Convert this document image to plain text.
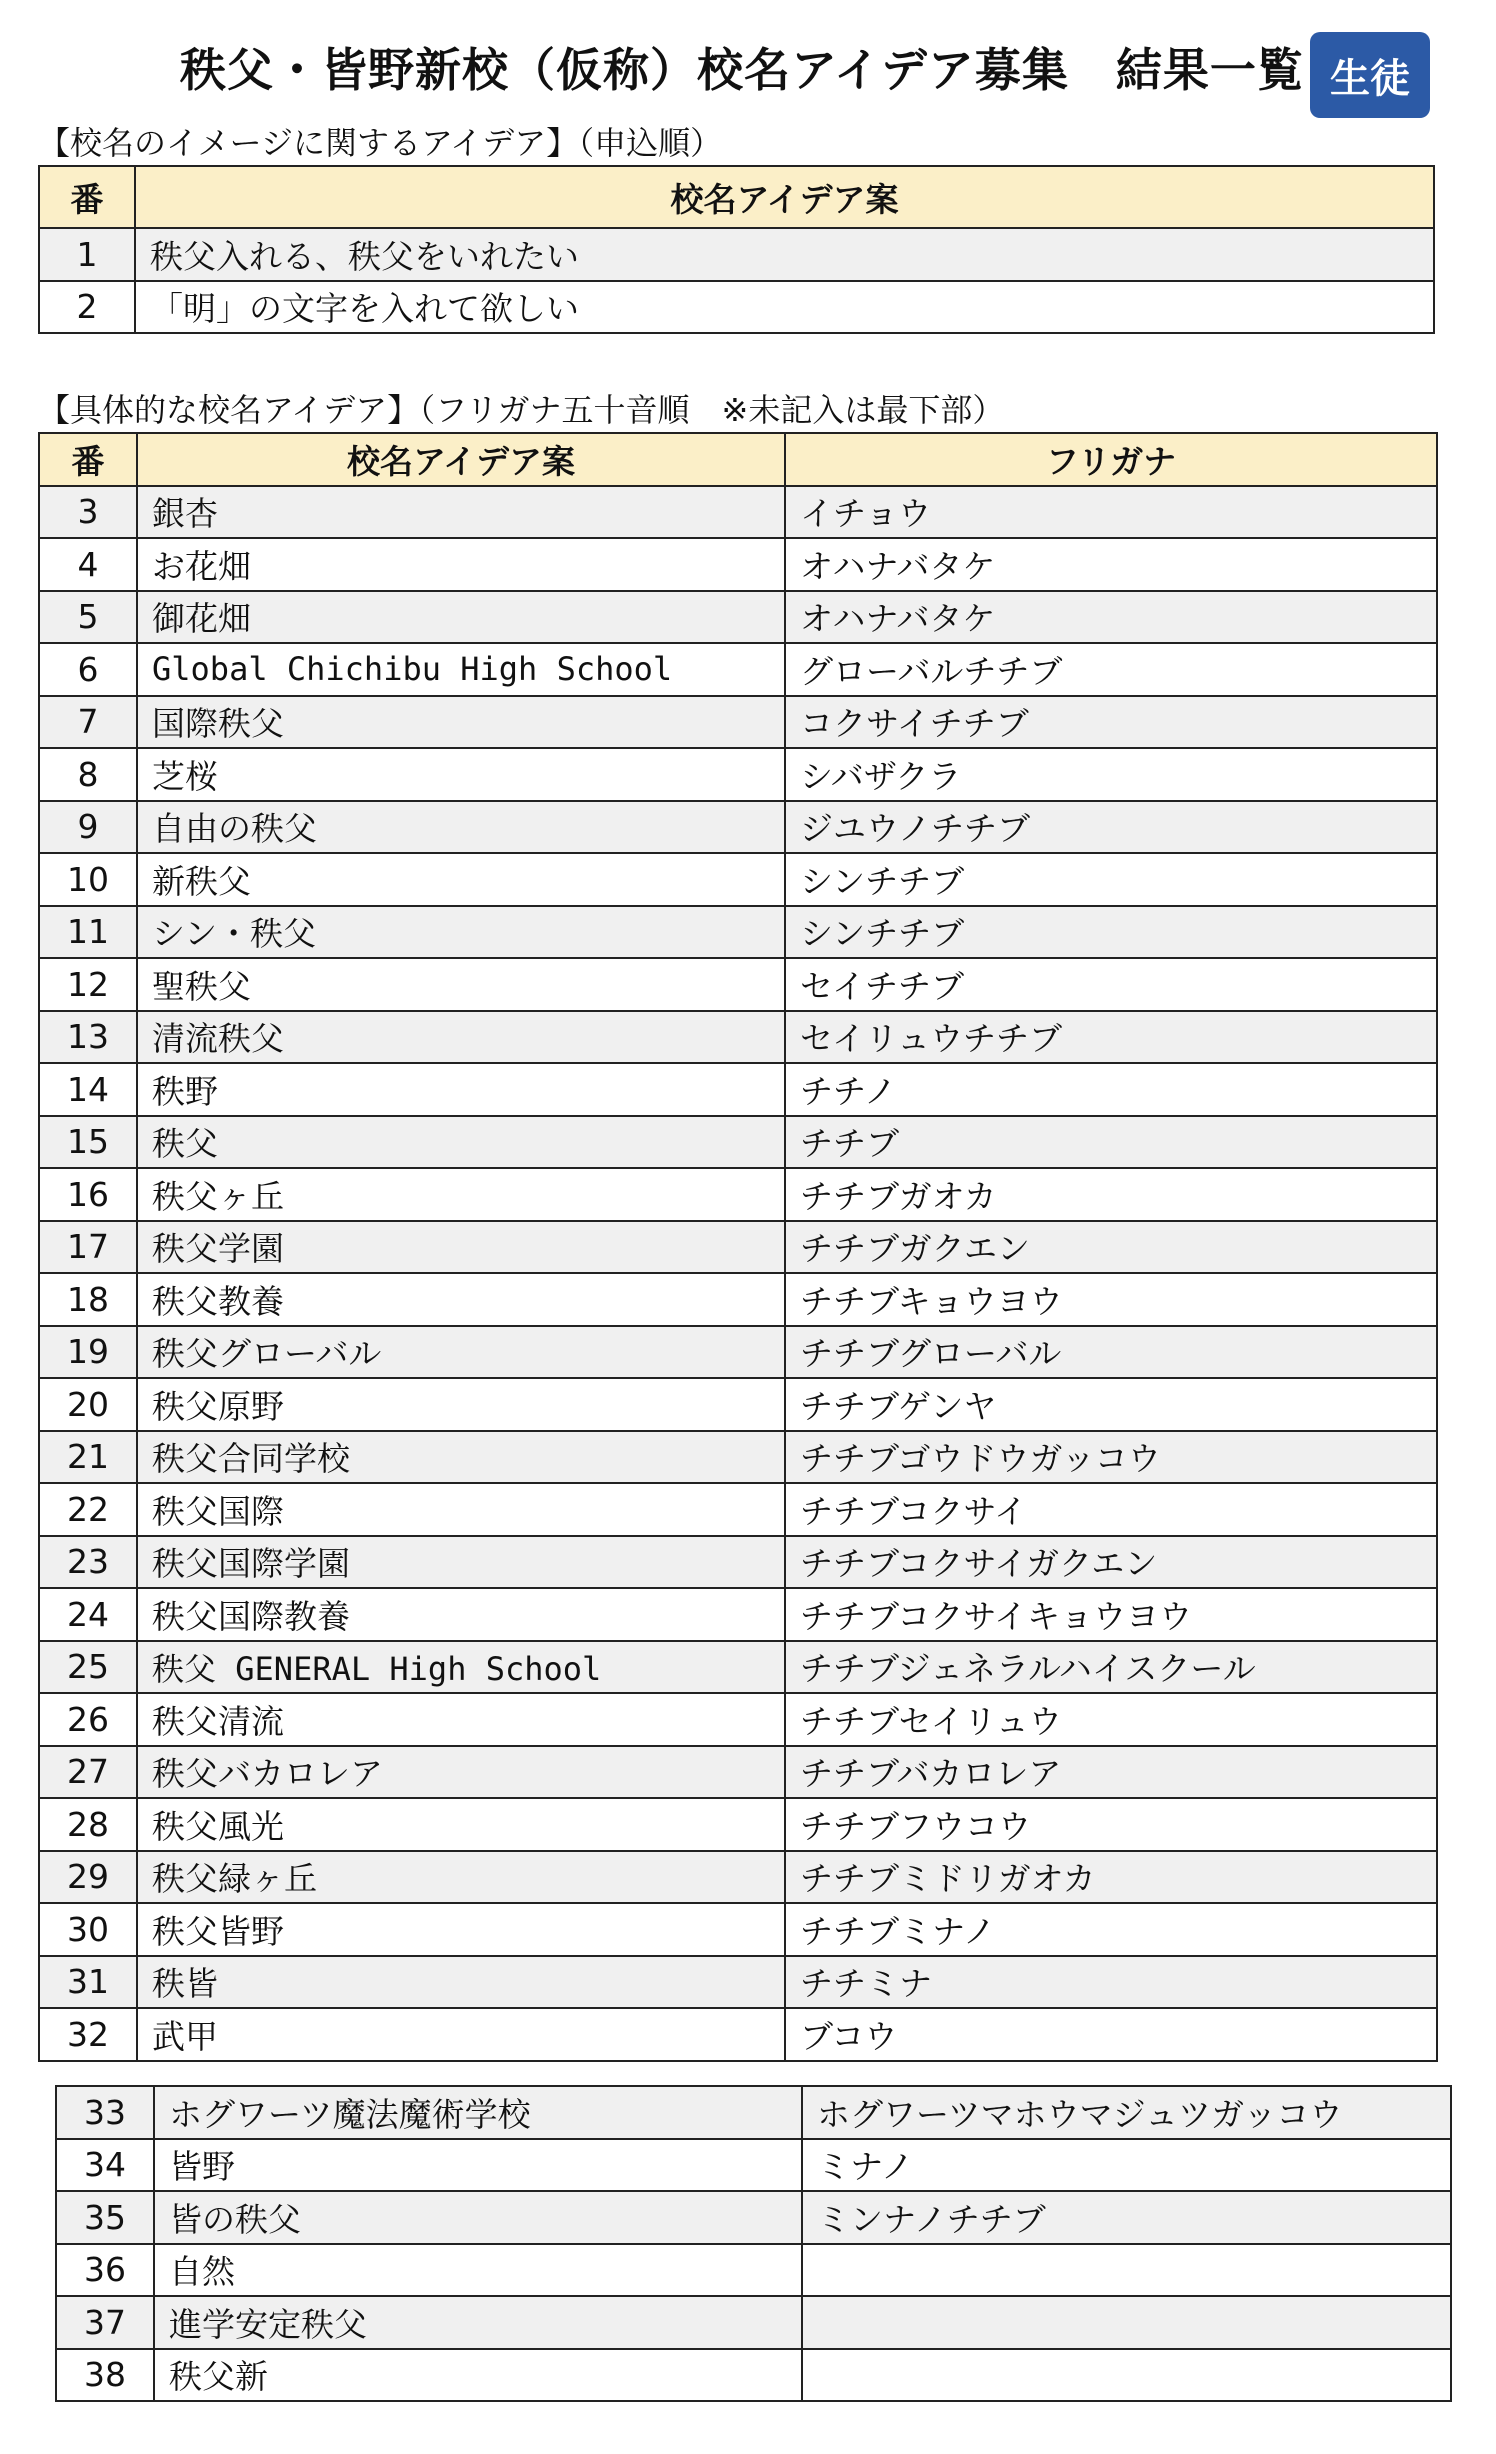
秩父・皆野新校（仮称）校名アイデア募集　結果一覧 生徒
【校名のイメージに関するアイデア】（申込順）
番	校名アイデア案
1	秩父入れる、秩父をいれたい
2	「明」の文字を入れて欲しい
【具体的な校名アイデア】（フリガナ五十音順　※未記入は最下部）
番	校名アイデア案	フリガナ
3	銀杏	イチョウ
4	お花畑	オハナバタケ
5	御花畑	オハナバタケ
6	Global Chichibu High School	グローバルチチブ
7	国際秩父	コクサイチチブ
8	芝桜	シバザクラ
9	自由の秩父	ジユウノチチブ
10	新秩父	シンチチブ
11	シン・秩父	シンチチブ
12	聖秩父	セイチチブ
13	清流秩父	セイリュウチチブ
14	秩野	チチノ
15	秩父	チチブ
16	秩父ヶ丘	チチブガオカ
17	秩父学園	チチブガクエン
18	秩父教養	チチブキョウヨウ
19	秩父グローバル	チチブグローバル
20	秩父原野	チチブゲンヤ
21	秩父合同学校	チチブゴウドウガッコウ
22	秩父国際	チチブコクサイ
23	秩父国際学園	チチブコクサイガクエン
24	秩父国際教養	チチブコクサイキョウヨウ
25	秩父 GENERAL High School	チチブジェネラルハイスクール
26	秩父清流	チチブセイリュウ
27	秩父バカロレア	チチブバカロレア
28	秩父風光	チチブフウコウ
29	秩父緑ヶ丘	チチブミドリガオカ
30	秩父皆野	チチブミナノ
31	秩皆	チチミナ
32	武甲	ブコウ
33	ホグワーツ魔法魔術学校	ホグワーツマホウマジュツガッコウ
34	皆野	ミナノ
35	皆の秩父	ミンナノチチブ
36	自然	
37	進学安定秩父	
38	秩父新	
